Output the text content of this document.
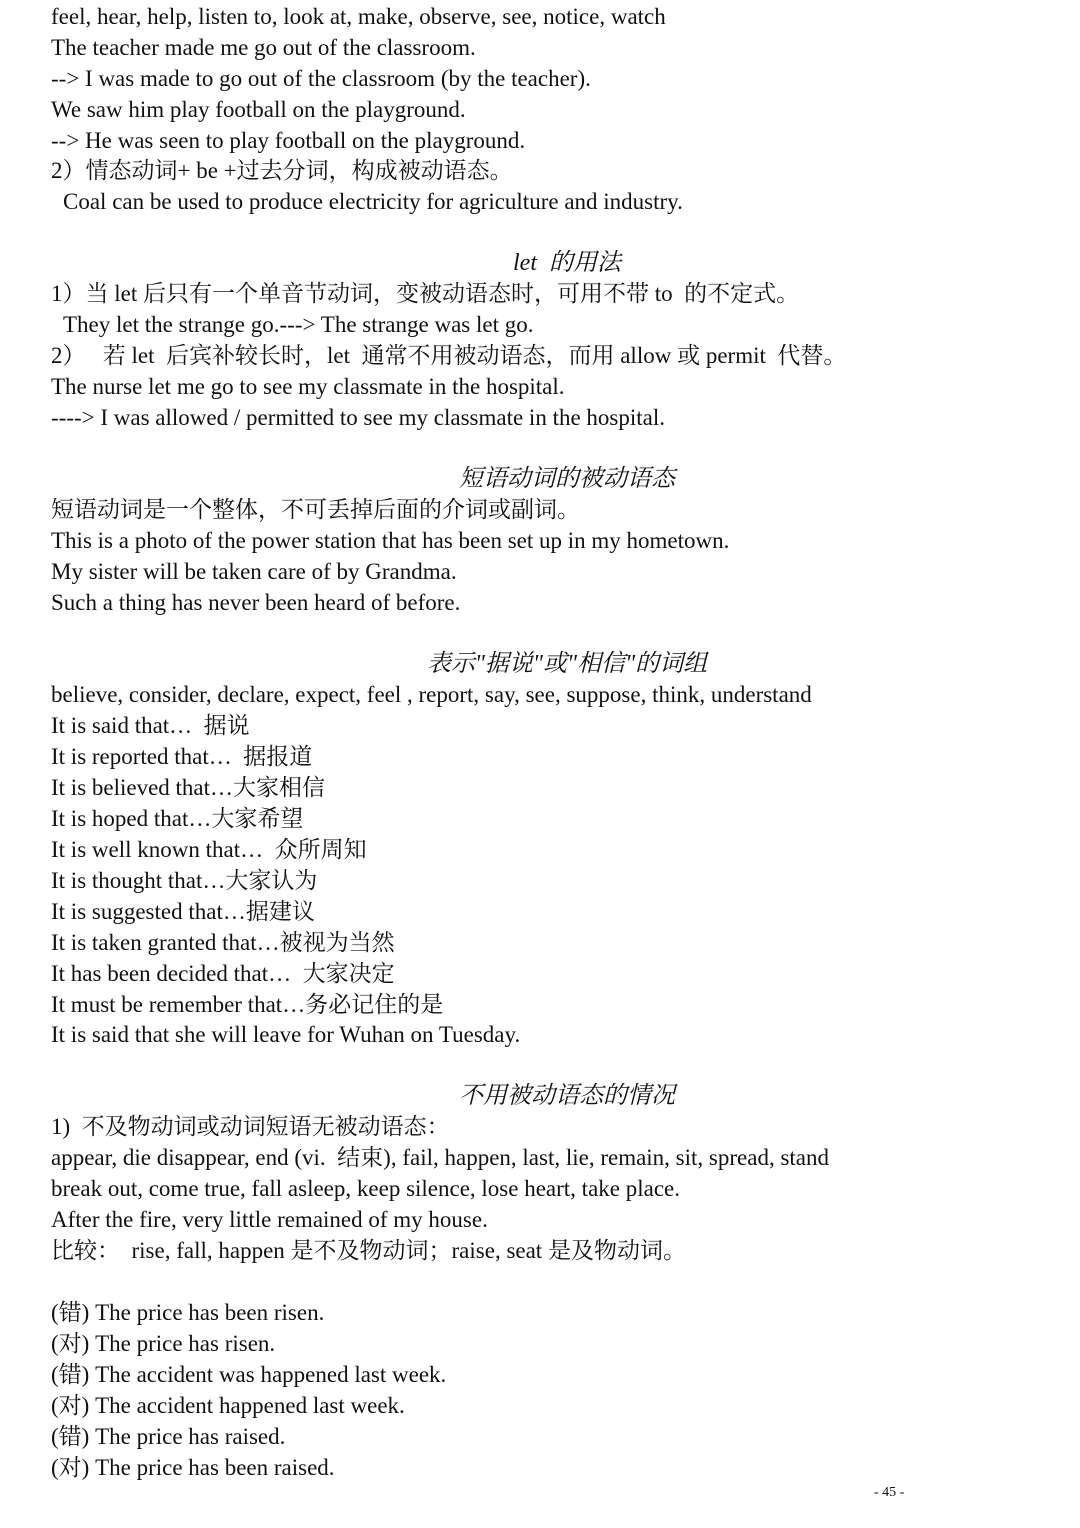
feel, hear, help, listen to, look at, make, observe, see, notice, watch
The teacher made me go out of the classroom.
--> I was made to go out of the classroom (by the teacher).
We saw him play football on the playground.
--> He was seen to play football on the playground.
2）情态动词+ be +过去分词，构成被动语态。
Coal can be used to produce electricity for agriculture and industry.
let  的用法
1）当 let 后只有一个单音节动词，变被动语态时，可用不带 to  的不定式。
They let the strange go.---> The strange was let go.
2）   若 let  后宾补较长时，let  通常不用被动语态，而用 allow 或 permit  代替。
The nurse let me go to see my classmate in the hospital.
----> I was allowed / permitted to see my classmate in the hospital.
短语动词的被动语态
短语动词是一个整体，不可丢掉后面的介词或副词。
This is a photo of the power station that has been set up in my hometown.
My sister will be taken care of by Grandma.
Such a thing has never been heard of before.
表示"据说"或"相信"的词组
believe, consider, declare, expect, feel , report, say, see, suppose, think, understand
It is said that…  据说
It is reported that…  据报道
It is believed that…大家相信
It is hoped that…大家希望
It is well known that…  众所周知
It is thought that…大家认为
It is suggested that…据建议
It is taken granted that…被视为当然
It has been decided that…  大家决定
It must be remember that…务必记住的是
It is said that she will leave for Wuhan on Tuesday.
不用被动语态的情况
1)  不及物动词或动词短语无被动语态：
appear, die disappear, end (vi.  结束), fail, happen, last, lie, remain, sit, spread, stand
break out, come true, fall asleep, keep silence, lose heart, take place.
After the fire, very little remained of my house.
比较：  rise, fall, happen 是不及物动词；raise, seat 是及物动词。
(错) The price has been risen.
(对) The price has risen.
(错) The accident was happened last week.
(对) The accident happened last week.
(错) The price has raised.
(对) The price has been raised.
- 45 -
